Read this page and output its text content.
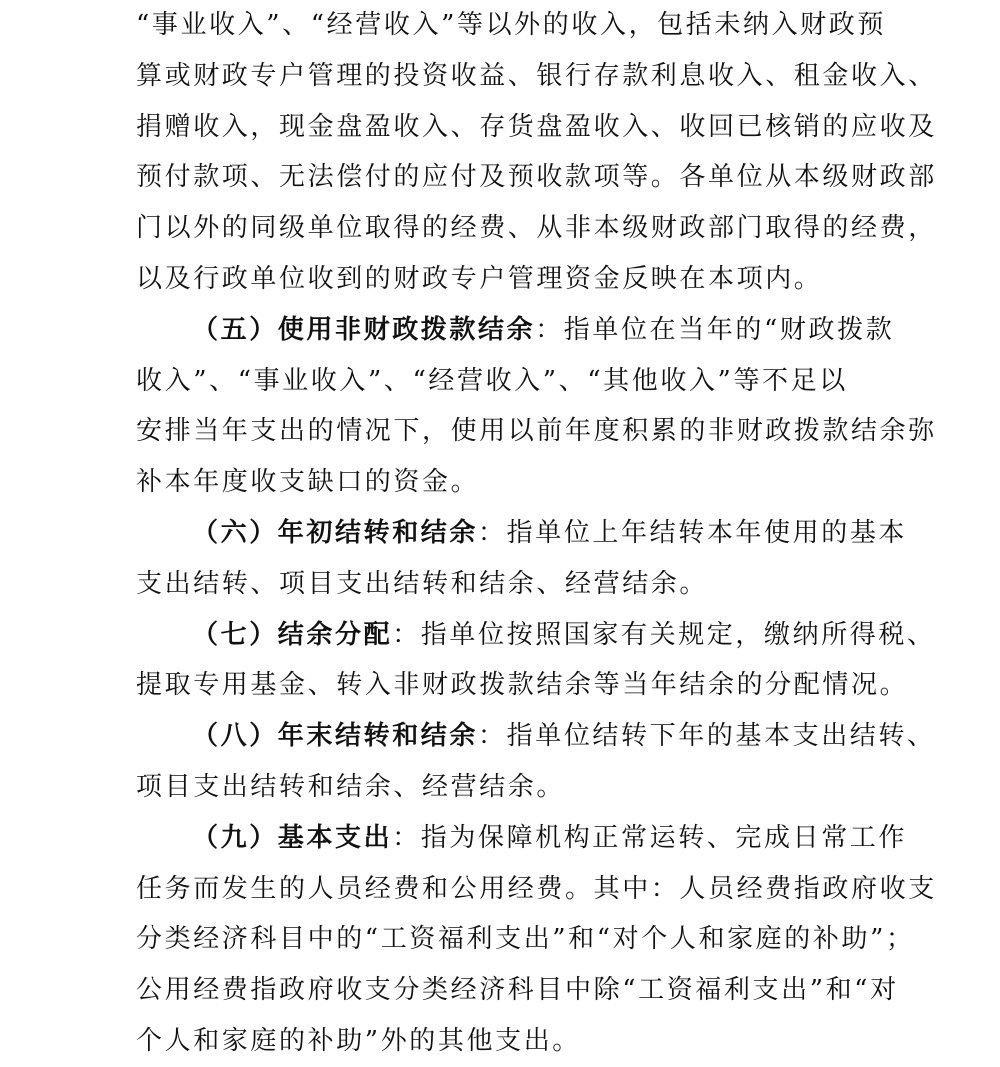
“事业收入”、“经营收入”等以外的收入，包括未纳入财政预
算或财政专户管理的投资收益、银行存款利息收入、租金收入、
捐赠收入，现金盘盈收入、存货盘盈收入、收回已核销的应收及
预付款项、无法偿付的应付及预收款项等。各单位从本级财政部
门以外的同级单位取得的经费、从非本级财政部门取得的经费，
以及行政单位收到的财政专户管理资金反映在本项内。
（五）使用非财政拨款结余：指单位在当年的“财政拨款
收入”、“事业收入”、“经营收入”、“其他收入”等不足以
安排当年支出的情况下，使用以前年度积累的非财政拨款结余弥
补本年度收支缺口的资金。
（六）年初结转和结余：指单位上年结转本年使用的基本
支出结转、项目支出结转和结余、经营结余。
（七）结余分配：指单位按照国家有关规定，缴纳所得税、
提取专用基金、转入非财政拨款结余等当年结余的分配情况。
（八）年末结转和结余：指单位结转下年的基本支出结转、
项目支出结转和结余、经营结余。
（九）基本支出：指为保障机构正常运转、完成日常工作
任务而发生的人员经费和公用经费。其中：人员经费指政府收支
分类经济科目中的“工资福利支出”和“对个人和家庭的补助”；
公用经费指政府收支分类经济科目中除“工资福利支出”和“对
个人和家庭的补助”外的其他支出。
